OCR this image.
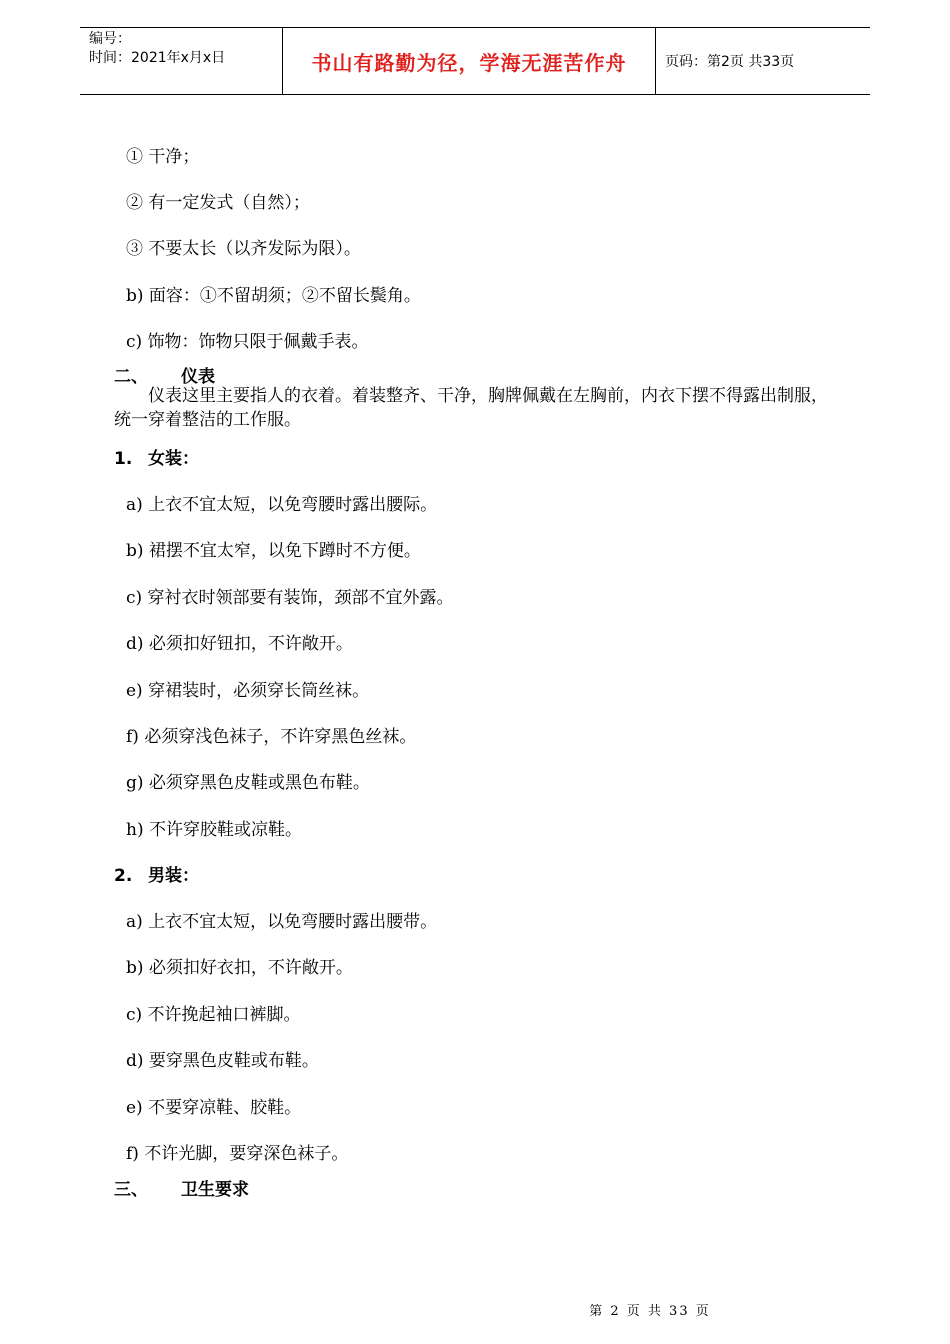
编号：
时间：2021年x月x日	书山有路勤为径，学海无涯苦作舟	页码：第2页 共33页
① 干净；
② 有一定发式（自然）；
③ 不要太长（以齐发际为限）。
b) 面容：①不留胡须；②不留长鬓角。
c) 饰物：饰物只限于佩戴手表。
二、 仪表
仪表这里主要指人的衣着。着装整齐、干净，胸牌佩戴在左胸前，内衣下摆不得露出制服，统一穿着整洁的工作服。
1. 女装：
a) 上衣不宜太短，以免弯腰时露出腰际。
b) 裙摆不宜太窄，以免下蹲时不方便。
c) 穿衬衣时领部要有装饰，颈部不宜外露。
d) 必须扣好钮扣，不许敞开。
e) 穿裙装时，必须穿长筒丝袜。
f) 必须穿浅色袜子，不许穿黑色丝袜。
g) 必须穿黑色皮鞋或黑色布鞋。
h) 不许穿胶鞋或凉鞋。
2. 男装：
a) 上衣不宜太短，以免弯腰时露出腰带。
b) 必须扣好衣扣，不许敞开。
c) 不许挽起袖口裤脚。
d) 要穿黑色皮鞋或布鞋。
e) 不要穿凉鞋、胶鞋。
f) 不许光脚，要穿深色袜子。
三、 卫生要求
第 2 页 共 33 页
